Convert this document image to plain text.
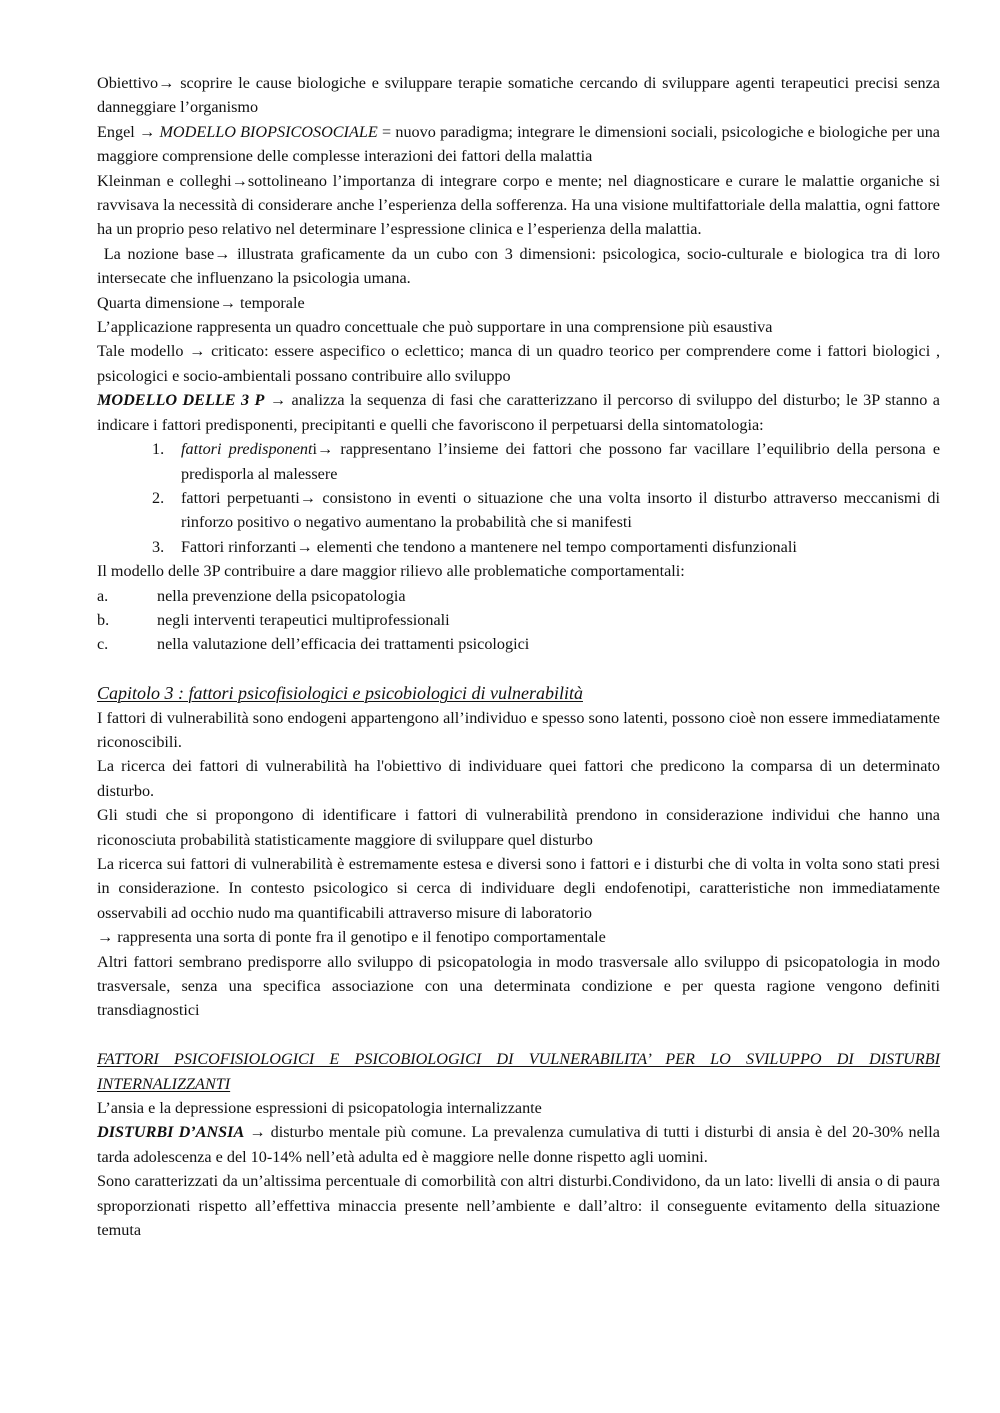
Obiettivo→ scoprire le cause biologiche e sviluppare terapie somatiche cercando di sviluppare agenti terapeutici precisi senza danneggiare l’organismo

Engel → MODELLO BIOPSICOSOCIALE = nuovo paradigma; integrare le dimensioni sociali, psicologiche e biologiche per una maggiore comprensione delle complesse interazioni dei fattori della malattia

Kleinman e colleghi→sottolineano l’importanza di integrare corpo e mente; nel diagnosticare e curare le malattie organiche si ravvisava la necessità di considerare anche l’esperienza della sofferenza. Ha una visione multifattoriale della malattia, ogni fattore ha un proprio peso relativo nel determinare l’espressione clinica e l’esperienza della malattia.

La nozione base→ illustrata graficamente da un cubo con 3 dimensioni: psicologica, socio-culturale e biologica tra di loro intersecate che influenzano la psicologia umana.

Quarta dimensione→ temporale

L’applicazione rappresenta un quadro concettuale che può supportare in una comprensione più esaustiva

Tale modello → criticato: essere aspecifico o eclettico; manca di un quadro teorico per comprendere come i fattori biologici , psicologici e socio-ambientali possano contribuire allo sviluppo

MODELLO DELLE 3 P → analizza la sequenza di fasi che caratterizzano il percorso di sviluppo del disturbo; le 3P stanno a indicare i fattori predisponenti, precipitanti e quelli che favoriscono il perpetuarsi della sintomatologia:

1. fattori predisponenti→ rappresentano l’insieme dei fattori che possono far vacillare l’equilibrio della persona e predisporla al malessere
2. fattori perpetuanti→ consistono in eventi o situazione che una volta insorto il disturbo attraverso meccanismi di rinforzo positivo o negativo aumentano la probabilità che si manifesti
3. Fattori rinforzanti→ elementi che tendono a mantenere nel tempo comportamenti disfunzionali

Il modello delle 3P contribuire a dare maggior rilievo alle problematiche comportamentali:

a.	nella prevenzione della psicopatologia
b.	negli interventi terapeutici multiprofessionali
c.	nella valutazione dell’efficacia dei trattamenti psicologici
Capitolo 3 : fattori psicofisiologici e psicobiologici di vulnerabilità

I fattori di vulnerabilità sono endogeni appartengono all’individuo e spesso sono latenti, possono cioè non essere immediatamente riconoscibili.

La ricerca dei fattori di vulnerabilità ha l'obiettivo di individuare quei fattori che predicono la comparsa di un determinato disturbo.

Gli studi che si propongono di identificare i fattori di vulnerabilità prendono in considerazione individui che hanno una riconosciuta probabilità statisticamente maggiore di sviluppare quel disturbo

La ricerca sui fattori di vulnerabilità è estremamente estesa e diversi sono i fattori e i disturbi che di volta in volta sono stati presi in considerazione. In contesto psicologico si cerca di individuare degli endofenotipi, caratteristiche non immediatamente osservabili ad occhio nudo ma quantificabili attraverso misure di laboratorio

→ rappresenta una sorta di ponte fra il genotipo e il fenotipo comportamentale

Altri fattori sembrano predisporre allo sviluppo di psicopatologia in modo trasversale allo sviluppo di psicopatologia in modo trasversale, senza una specifica associazione con una determinata condizione e per questa ragione vengono definiti transdiagnostici

FATTORI PSICOFISIOLOGICI E PSICOBIOLOGICI DI VULNERABILITA’ PER LO SVILUPPO DI DISTURBI INTERNALIZZANTI

L’ansia e la depressione espressioni di psicopatologia internalizzante

DISTURBI D’ANSIA → disturbo mentale più comune. La prevalenza cumulativa di tutti i disturbi di ansia è del 20-30% nella tarda adolescenza e del 10-14% nell’età adulta ed è maggiore nelle donne rispetto agli uomini.

Sono caratterizzati da un’altissima percentuale di comorbilità con altri disturbi.Condividono, da un lato: livelli di ansia o di paura sproporzionati rispetto all’effettiva minaccia presente nell’ambiente e dall’altro: il conseguente evitamento della situazione temuta
